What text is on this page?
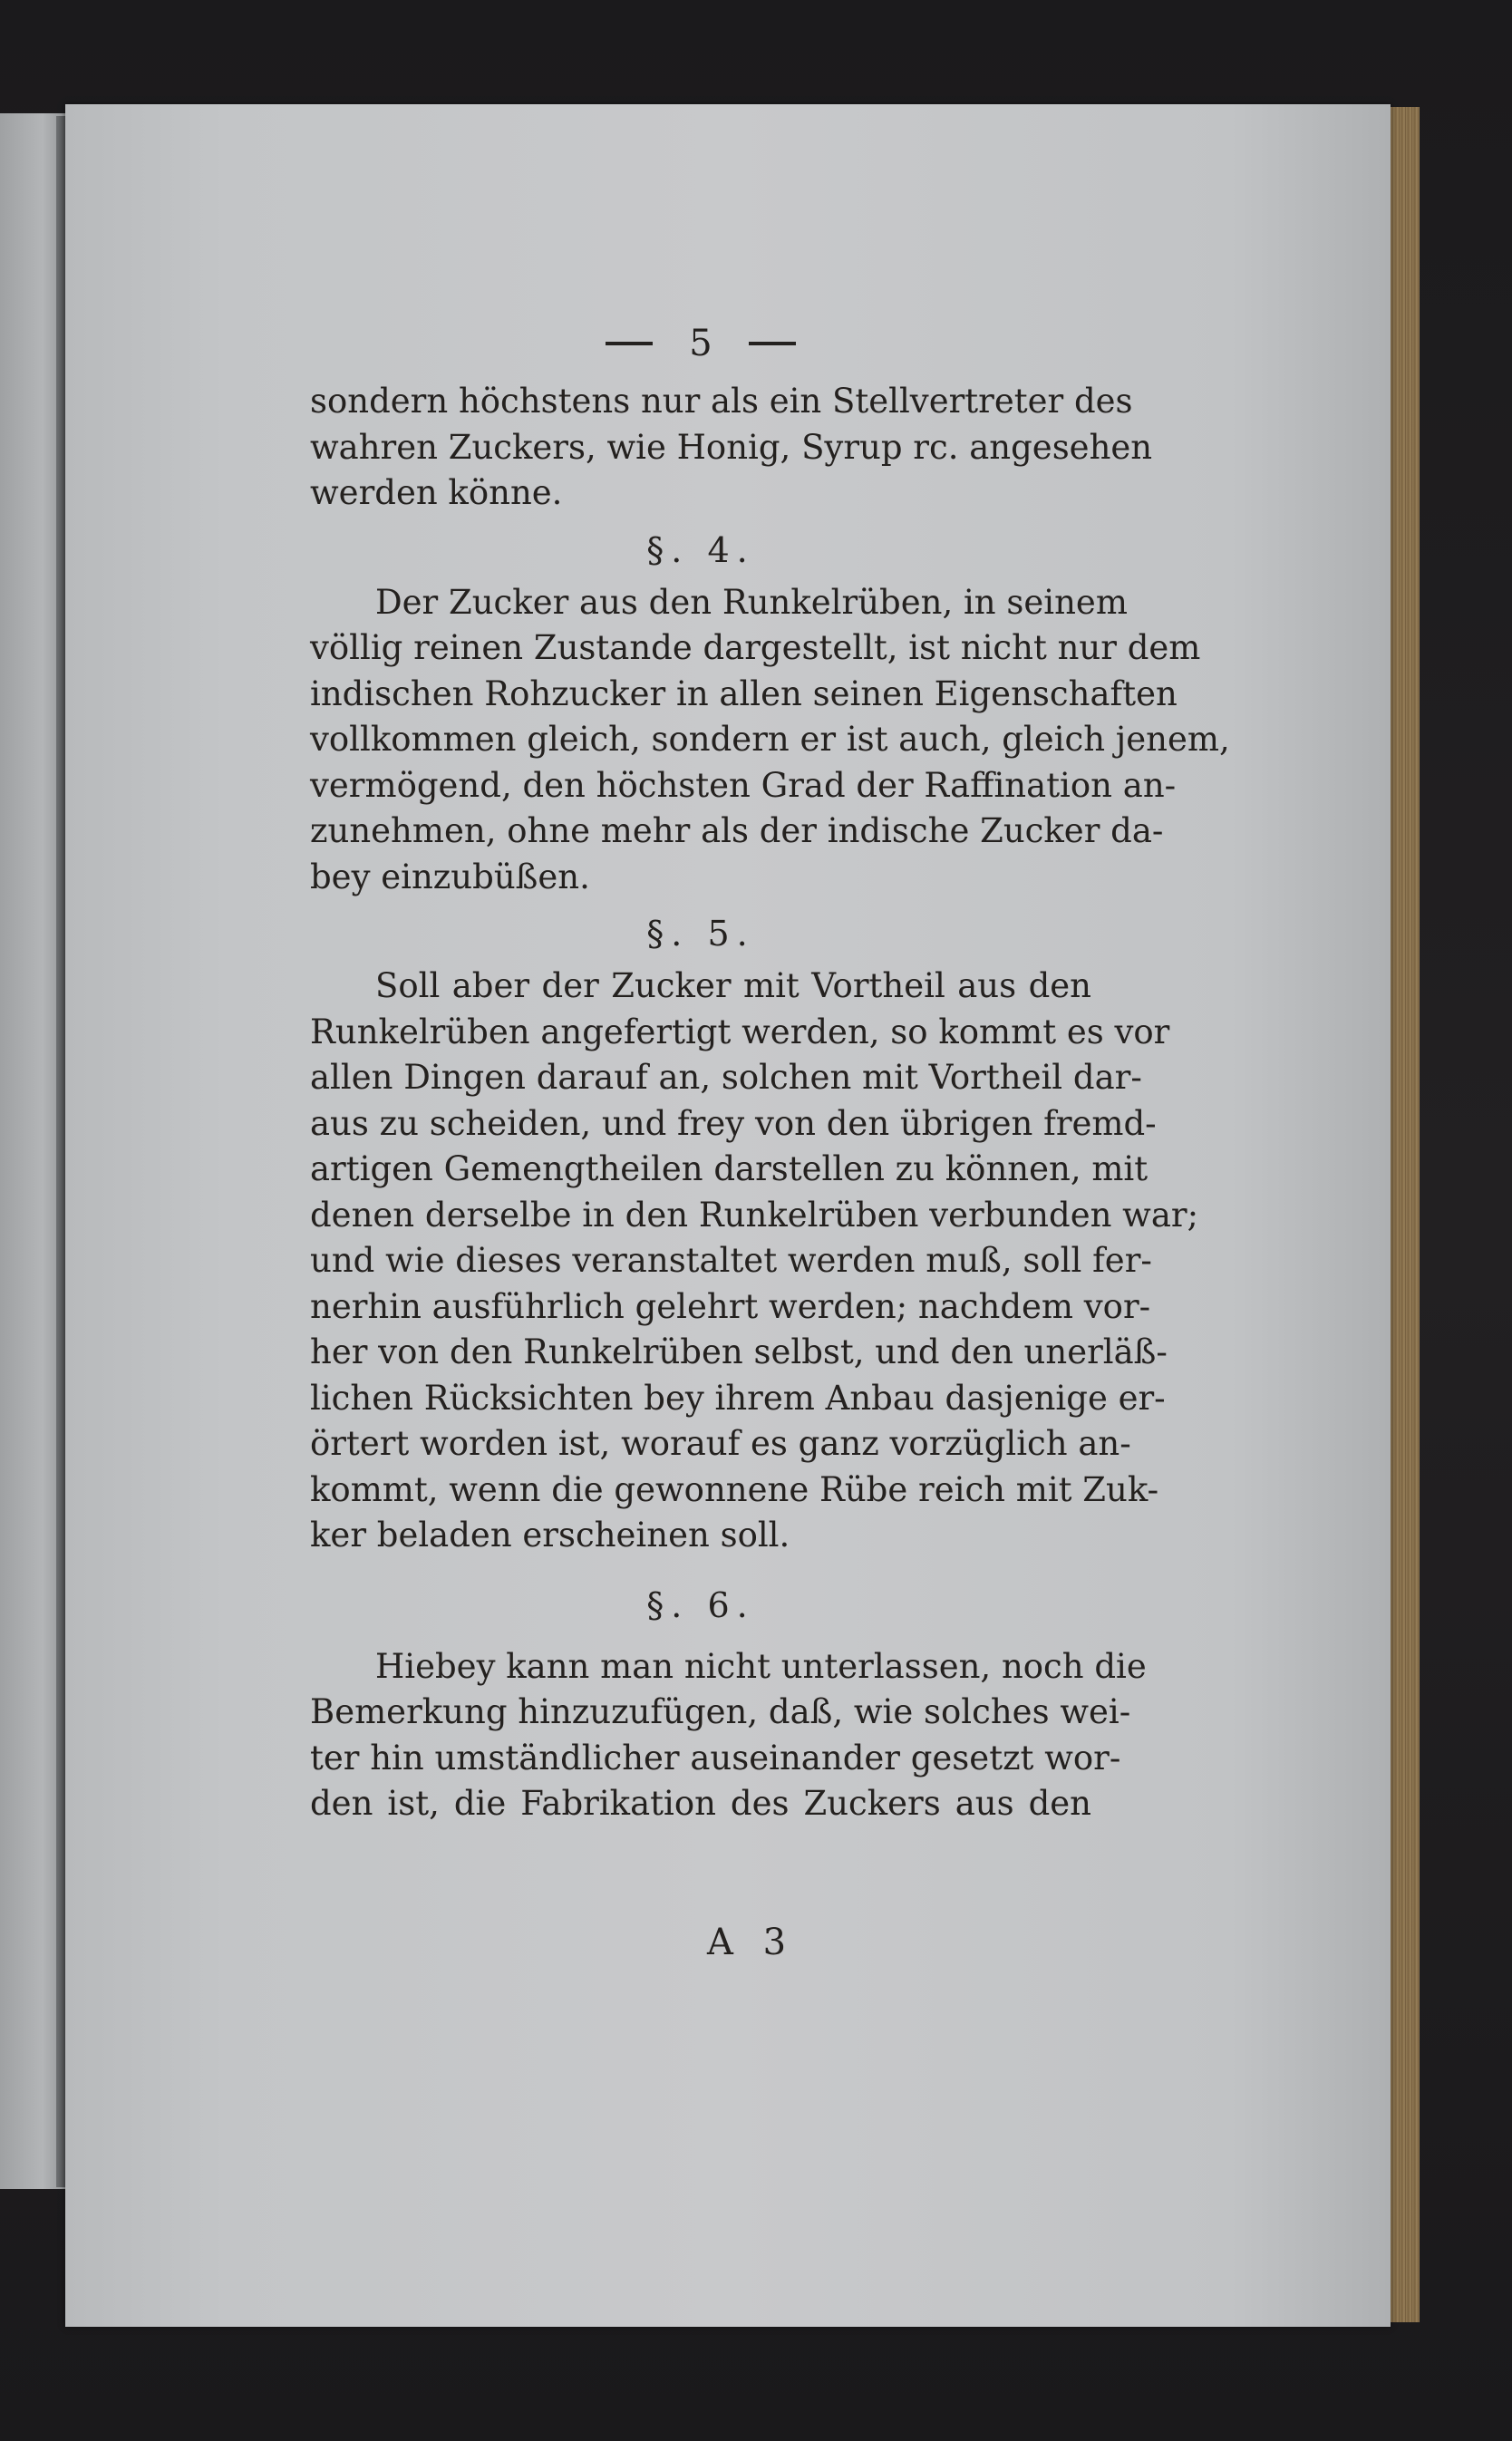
5
sondern höchstens nur als ein Stellvertreter des
wahren Zuckers, wie Honig, Syrup rc. angesehen
werden könne.
§. 4.
Der Zucker aus den Runkelrüben, in seinem
völlig reinen Zustande dargestellt, ist nicht nur dem
indischen Rohzucker in allen seinen Eigenschaften
vollkommen gleich, sondern er ist auch, gleich jenem,
vermögend, den höchsten Grad der Raffination an-
zunehmen, ohne mehr als der indische Zucker da-
bey einzubüßen.
§. 5.
Soll aber der Zucker mit Vortheil aus den
Runkelrüben angefertigt werden, so kommt es vor
allen Dingen darauf an, solchen mit Vortheil dar-
aus zu scheiden, und frey von den übrigen fremd-
artigen Gemengtheilen darstellen zu können, mit
denen derselbe in den Runkelrüben verbunden war;
und wie dieses veranstaltet werden muß, soll fer-
nerhin ausführlich gelehrt werden; nachdem vor-
her von den Runkelrüben selbst, und den unerläß-
lichen Rücksichten bey ihrem Anbau dasjenige er-
örtert worden ist, worauf es ganz vorzüglich an-
kommt, wenn die gewonnene Rübe reich mit Zuk-
ker beladen erscheinen soll.
§. 6.
Hiebey kann man nicht unterlassen, noch die
Bemerkung hinzuzufügen, daß, wie solches wei-
ter hin umständlicher auseinander gesetzt wor-
den ist, die Fabrikation des Zuckers aus den
A 3
